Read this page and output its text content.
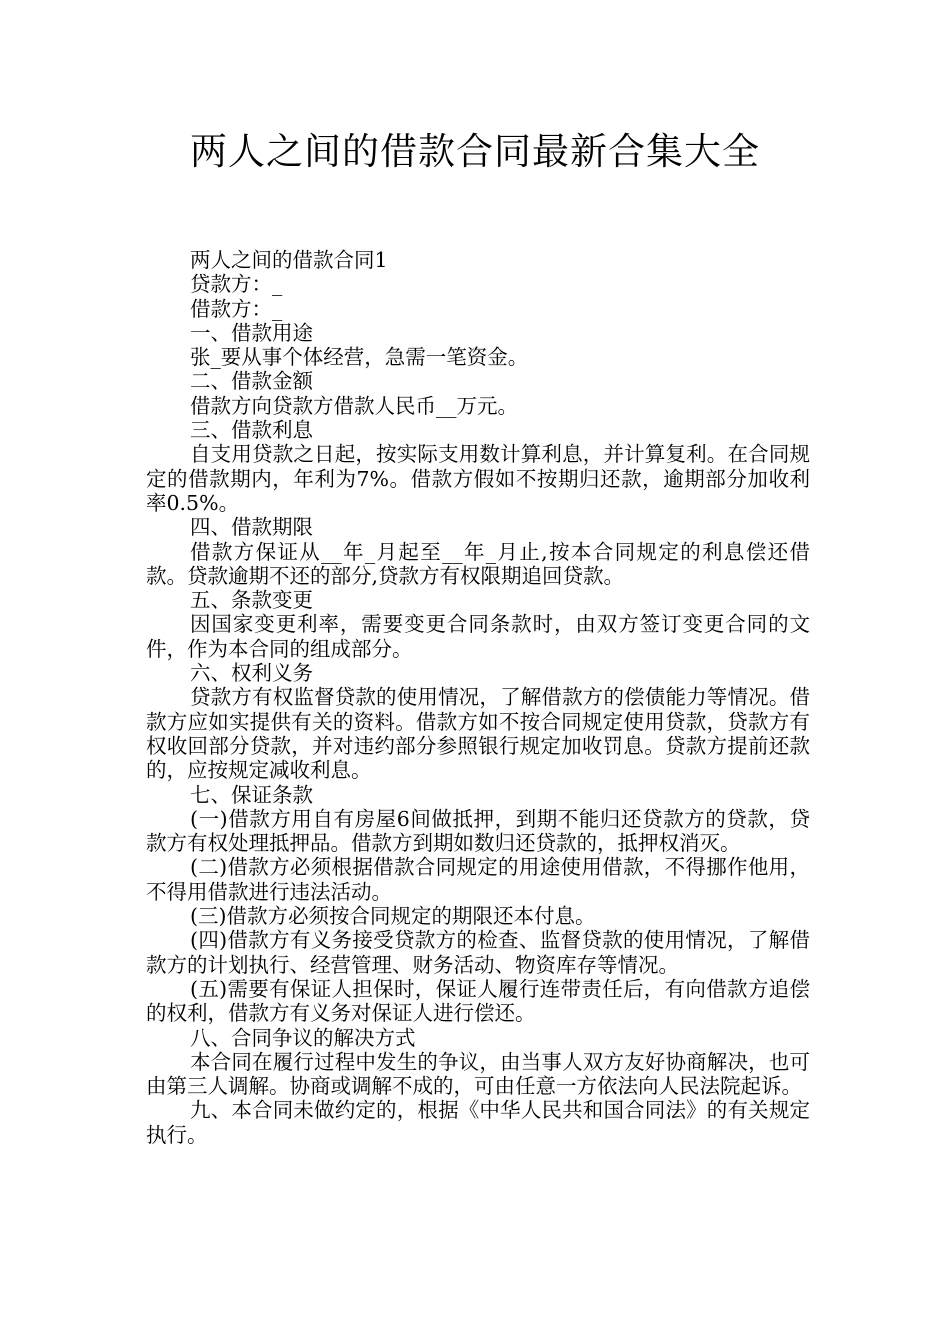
两人之间的借款合同最新合集大全

两人之间的借款合同1

贷款方：_

借款方：_

一、借款用途

张_要从事个体经营，急需一笔资金。

二、借款金额

借款方向贷款方借款人民币__万元。

三、借款利息

自支用贷款之日起，按实际支用数计算利息，并计算复利。在合同规定的借款期内，年利为7%。借款方假如不按期归还款，逾期部分加收利率0.5%。

四、借款期限

借款方保证从__年_月起至__年_月止,按本合同规定的利息偿还借款。贷款逾期不还的部分,贷款方有权限期追回贷款。

五、条款变更

因国家变更利率，需要变更合同条款时，由双方签订变更合同的文件，作为本合同的组成部分。

六、权利义务

贷款方有权监督贷款的使用情况，了解借款方的偿债能力等情况。借款方应如实提供有关的资料。借款方如不按合同规定使用贷款，贷款方有权收回部分贷款，并对违约部分参照银行规定加收罚息。贷款方提前还款的，应按规定减收利息。

七、保证条款

(一)借款方用自有房屋6间做抵押，到期不能归还贷款方的贷款，贷款方有权处理抵押品。借款方到期如数归还贷款的，抵押权消灭。

(二)借款方必须根据借款合同规定的用途使用借款，不得挪作他用，不得用借款进行违法活动。

(三)借款方必须按合同规定的期限还本付息。

(四)借款方有义务接受贷款方的检查、监督贷款的使用情况，了解借款方的计划执行、经营管理、财务活动、物资库存等情况。

(五)需要有保证人担保时，保证人履行连带责任后，有向借款方追偿的权利，借款方有义务对保证人进行偿还。

八、合同争议的解决方式

本合同在履行过程中发生的争议，由当事人双方友好协商解决，也可由第三人调解。协商或调解不成的，可由任意一方依法向人民法院起诉。

九、本合同未做约定的，根据《中华人民共和国合同法》的有关规定执行。
